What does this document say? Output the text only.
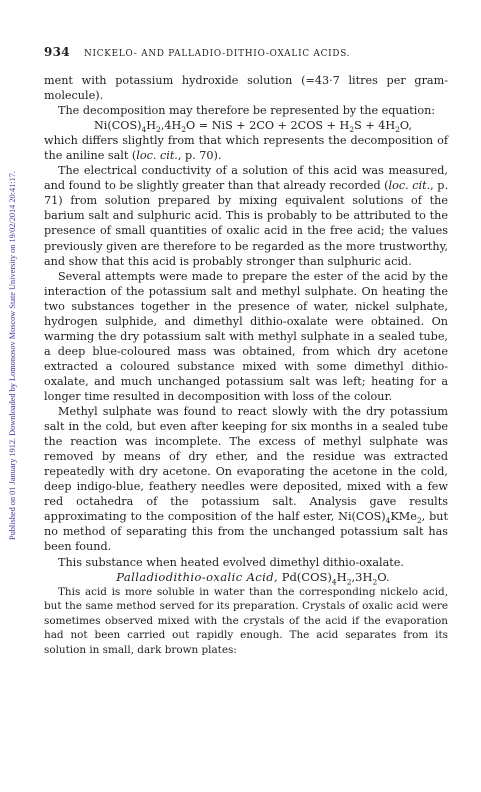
Published on 01 January 1912. Downloaded by Lomonosov Moscow State University on 19/02/2014 20:41:17.
934 NICKELO- AND PALLADIO-DITHIO-OXALIC ACIDS.

ment with potassium hydroxide solution (=43·7 litres per gram-molecule).

The decomposition may therefore be represented by the equation:

$Ni(COS)_4H_2,4H_2O$ = NiS + $2CO + 2COS + H_2S + 4H_2O$,

which differs slightly from that which represents the decomposition of the aniline salt (loc. cit., p. 70).

The electrical conductivity of a solution of this acid was measured, and found to be slightly greater than that already recorded (loc. cit., p. 71) from solution prepared by mixing equivalent solutions of the barium salt and sulphuric acid. This is probably to be attributed to the presence of small quantities of oxalic acid in the free acid; the values previously given are therefore to be regarded as the more trustworthy, and show that this acid is probably stronger than sulphuric acid.

Several attempts were made to prepare the ester of the acid by the interaction of the potassium salt and methyl sulphate. On heating the two substances together in the presence of water, nickel sulphate, hydrogen sulphide, and dimethyl dithio-oxalate were obtained. On warming the dry potassium salt with methyl sulphate in a sealed tube, a deep blue-coloured mass was obtained, from which dry acetone extracted a coloured substance mixed with some dimethyl dithio-oxalate, and much unchanged potassium salt was left; heating for a longer time resulted in decomposition with loss of the colour.

Methyl sulphate was found to react slowly with the dry potassium salt in the cold, but even after keeping for six months in a sealed tube the reaction was incomplete. The excess of methyl sulphate was removed by means of dry ether, and the residue was extracted repeatedly with dry acetone. On evaporating the acetone in the cold, deep indigo-blue, feathery needles were deposited, mixed with a few red octahedra of the potassium salt. Analysis gave results approximating to the composition of the half ester, $Ni(COS)_4KMe_2$, but no method of separating this from the unchanged potassium salt has been found.

This substance when heated evolved dimethyl dithio-oxalate.

Palladiodithio-oxalic Acid, $Pd(COS)_4H_2,3H_2O$.

This acid is more soluble in water than the corresponding nickelo acid, but the same method served for its preparation. Crystals of oxalic acid were sometimes observed mixed with the crystals of the acid if the evaporation had not been carried out rapidly enough. The acid separates from its solution in small, dark brown plates:
